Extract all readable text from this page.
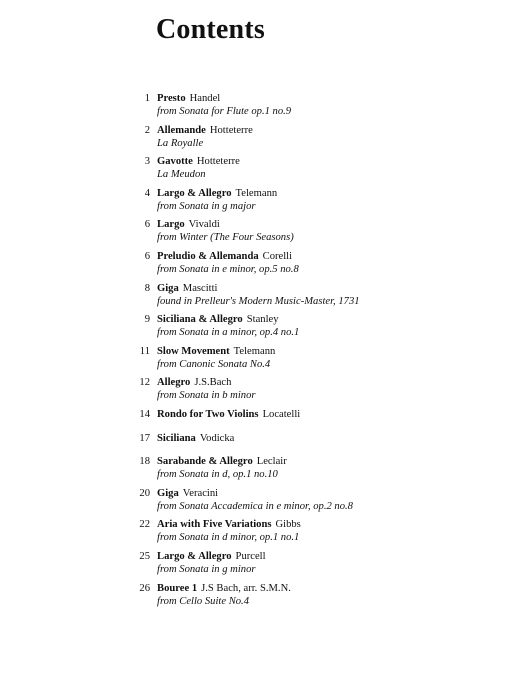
Contents
1 Presto Handel
from Sonata for Flute op.1 no.9
2 Allemande Hotteterre
La Royalle
3 Gavotte Hotteterre
La Meudon
4 Largo & Allegro Telemann
from Sonata in g major
6 Largo Vivaldi
from Winter (The Four Seasons)
6 Preludio & Allemanda Corelli
from Sonata in e minor, op.5 no.8
8 Giga Mascitti
found in Prelleur's Modern Music-Master, 1731
9 Siciliana & Allegro Stanley
from Sonata in a minor, op.4 no.1
11 Slow Movement Telemann
from Canonic Sonata No.4
12 Allegro J.S.Bach
from Sonata in b minor
14 Rondo for Two Violins Locatelli
17 Siciliana Vodicka
18 Sarabande & Allegro Leclair
from Sonata in d, op.1 no.10
20 Giga Veracini
from Sonata Accademica in e minor, op.2 no.8
22 Aria with Five Variations Gibbs
from Sonata in d minor, op.1 no.1
25 Largo & Allegro Purcell
from Sonata in g minor
26 Bouree 1 J.S Bach, arr. S.M.N.
from Cello Suite No.4
